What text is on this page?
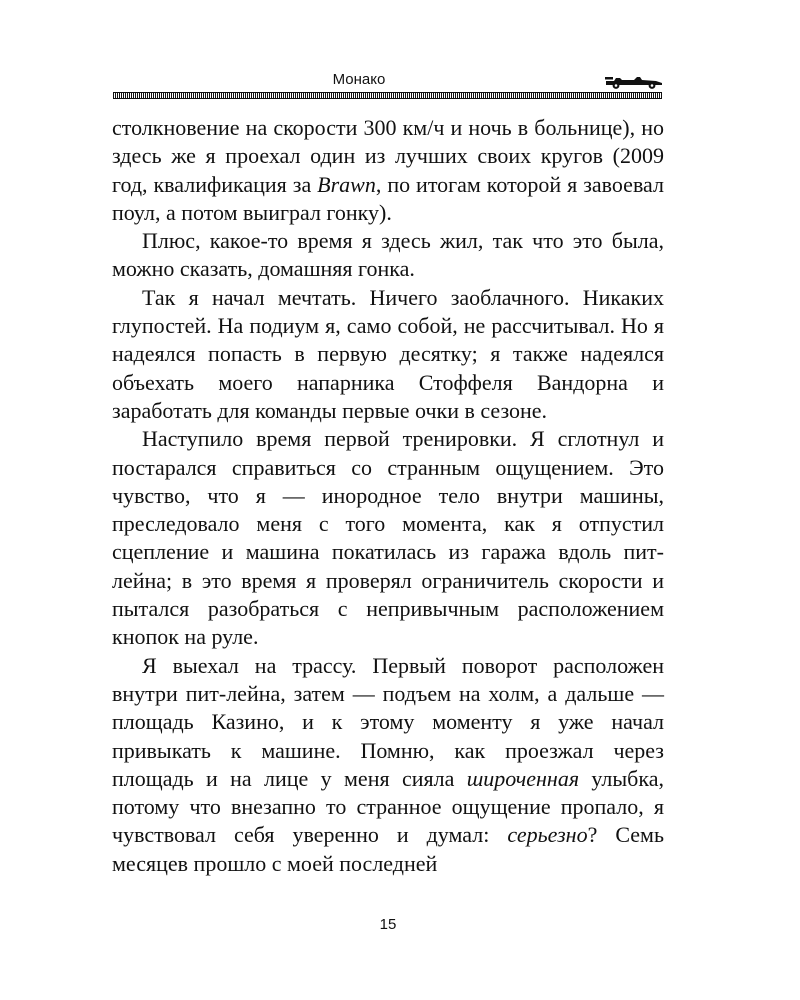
Монако

столкновение на скорости 300 км/ч и ночь в больнице), но здесь же я проехал один из лучших своих кругов (2009 год, квалификация за Brawn, по итогам которой я завоевал поул, а потом выиграл гонку).

Плюс, какое-то время я здесь жил, так что это была, можно сказать, домашняя гонка.

Так я начал мечтать. Ничего заоблачного. Никаких глупостей. На подиум я, само собой, не рассчитывал. Но я надеялся попасть в первую десятку; я также надеялся объехать моего напарника Стоффеля Вандорна и заработать для команды первые очки в сезоне.

Наступило время первой тренировки. Я сглотнул и постарался справиться со странным ощущением. Это чувство, что я — инородное тело внутри машины, преследовало меня с того момента, как я отпустил сцепление и машина покатилась из гаража вдоль пит-лейна; в это время я проверял ограничитель скорости и пытался разобраться с непривычным расположением кнопок на руле.

Я выехал на трассу. Первый поворот расположен внутри пит-лейна, затем — подъем на холм, а дальше — площадь Казино, и к этому моменту я уже начал привыкать к машине. Помню, как проезжал через площадь и на лице у меня сияла широченная улыбка, потому что внезапно то странное ощущение пропало, я чувствовал себя уверенно и думал: серьезно? Семь месяцев прошло с моей последней

15
